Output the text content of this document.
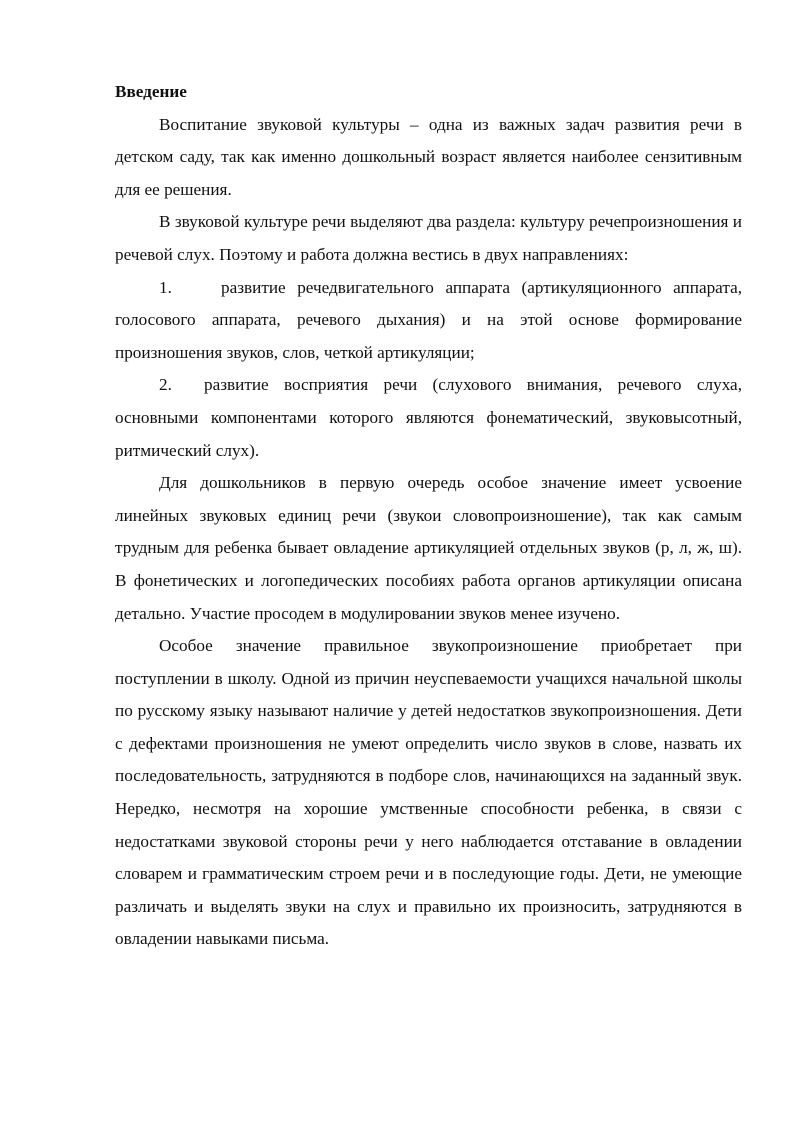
Введение

Воспитание звуковой культуры – одна из важных задач развития речи в детском саду, так как именно дошкольный возраст является наиболее сензитивным для ее решения.

В звуковой культуре речи выделяют два раздела: культуру речепроизношения и речевой слух. Поэтому и работа должна вестись в двух направлениях:

1.	развитие речедвигательного аппарата (артикуляционного аппарата, голосового аппарата, речевого дыхания) и на этой основе формирование произношения звуков, слов, четкой артикуляции;

2. развитие восприятия речи (слухового внимания, речевого слуха, основными компонентами которого являются фонематический, звуковысотный, ритмический слух).

Для дошкольников в первую очередь особое значение имеет усвоение линейных звуковых единиц речи (звукои словопроизношение), так как самым трудным для ребенка бывает овладение артикуляцией отдельных звуков (р, л, ж, ш). В фонетических и логопедических пособиях работа органов артикуляции описана детально. Участие просодем в модулировании звуков менее изучено.

Особое значение правильное звукопроизношение приобретает при поступлении в школу. Одной из причин неуспеваемости учащихся начальной школы по русскому языку называют наличие у детей недостатков звукопроизношения. Дети с дефектами произношения не умеют определить число звуков в слове, назвать их последовательность, затрудняются в подборе слов, начинающихся на заданный звук. Нередко, несмотря на хорошие умственные способности ребенка, в связи с недостатками звуковой стороны речи у него наблюдается отставание в овладении словарем и грамматическим строем речи и в последующие годы. Дети, не умеющие различать и выделять звуки на слух и правильно их произносить, затрудняются в овладении навыками письма.
